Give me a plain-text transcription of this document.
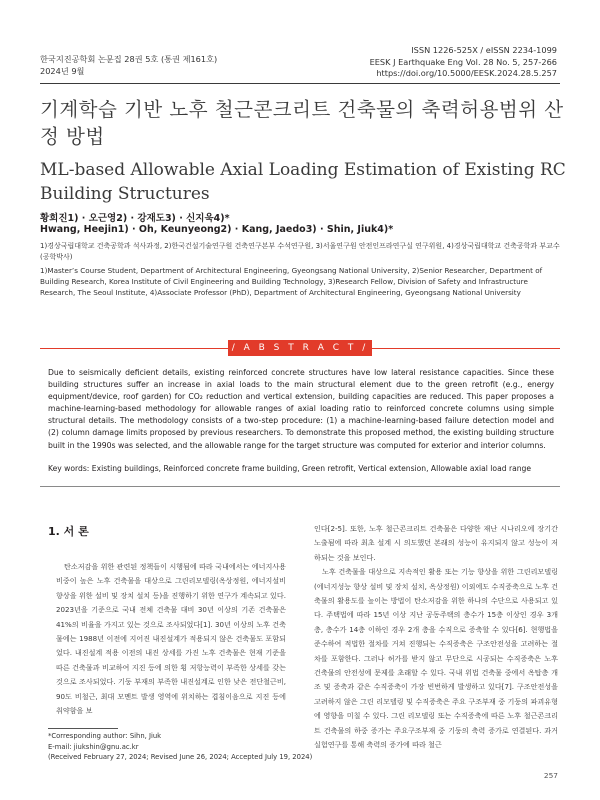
한국지진공학회 논문집 28권 5호 (통권 제161호)
2024년 9월
ISSN 1226-525X / eISSN 2234-1099
EESK J Earthquake Eng Vol. 28 No. 5, 257-266
https://doi.org/10.5000/EESK.2024.28.5.257
기계학습 기반 노후 철근콘크리트 건축물의 축력허용범위 산정 방법
ML-based Allowable Axial Loading Estimation of Existing RC Building Structures
황희진1) · 오근영2) · 강재도3) · 신지욱4)*
Hwang, Heejin1) · Oh, Keunyeong2) · Kang, Jaedo3) · Shin, Jiuk4)*
1)경상국립대학교 건축공학과 석사과정, 2)한국건설기술연구원 건축연구본부 수석연구원, 3)서울연구원 안전인프라연구실 연구위원, 4)경상국립대학교 건축공학과 부교수(공학박사)
1)Master’s Course Student, Department of Architectural Engineering, Gyeongsang National University, 2)Senior Researcher, Department of Building Research, Korea Institute of Civil Engineering and Building Technology, 3)Research Fellow, Division of Safety and Infrastructure Research, The Seoul Institute, 4)Associate Professor (PhD), Department of Architectural Engineering, Gyeongsang National University
/ A B S T R A C T /
Due to seismically deficient details, existing reinforced concrete structures have low lateral resistance capacities. Since these building structures suffer an increase in axial loads to the main structural element due to the green retrofit (e.g., energy equipment/device, roof garden) for CO₂ reduction and vertical extension, building capacities are reduced. This paper proposes a machine-learning-based methodology for allowable ranges of axial loading ratio to reinforced concrete columns using simple structural details. The methodology consists of a two-step procedure: (1) a machine-learning-based failure detection model and (2) column damage limits proposed by previous researchers. To demonstrate this proposed method, the existing building structure built in the 1990s was selected, and the allowable range for the target structure was computed for exterior and interior columns.
Key words: Existing buildings, Reinforced concrete frame building, Green retrofit, Vertical extension, Allowable axial load range
1. 서 론

탄소저감을 위한 관련된 정책들이 시행됨에 따라 국내에서는 에너지사용 비중이 높은 노후 건축물을 대상으로 그린리모델링(옥상정원, 에너지설비 향상을 위한 설비 및 장치 설치 등)을 진행하기 위한 연구가 계속되고 있다. 2023년을 기준으로 국내 전체 건축물 대비 30년 이상의 기존 건축물은 41%의 비율을 가지고 있는 것으로 조사되었다[1]. 30년 이상의 노후 건축물에는 1988년 이전에 지어진 내진설계가 적용되지 않은 건축물도 포함되었다. 내진설계 적용 이전의 내진 상세를 가진 노후 건축물은 현재 기준을 따른 건축물과 비교하여 지진 등에 의한 횡 저항능력이 부족한 상세를 갖는 것으로 조사되었다. 기둥 부재의 부족한 내진설계로 인한 낮은 전단철근비, 90도 비철근, 최대 모멘트 발생 영역에 위치하는 겹침이음으로 지진 등에 취약함을 보

인다[2-5]. 또한, 노후 철근콘크리트 건축물은 다양한 재난 시나리오에 장기간 노출됨에 따라 최초 설계 시 의도했던 본래의 성능이 유지되지 않고 성능이 저하되는 것을 보인다.

노후 건축물을 대상으로 지속적인 활용 또는 기능 향상을 위한 그린리모델링(에너지성능 향상 설비 및 장치 설치, 옥상정원) 이외에도 수직증축으로 노후 건축물의 활용도를 높이는 방법이 탄소저감을 위한 하나의 수단으로 사용되고 있다. 주택법에 따라 15년 이상 지난 공동주택의 층수가 15층 이상인 경우 3개 층, 층수가 14층 이하인 경우 2개 층을 수직으로 증축할 수 있다[6]. 현행법을 준수하여 적법한 절차를 거쳐 진행되는 수직증축은 구조안전성을 고려하는 절차를 포함한다. 그러나 허가를 받지 않고 무단으로 시공되는 수직증축은 노후 건축물의 안전성에 문제를 초래할 수 있다. 국내 위법 건축물 중에서 옥탑층 개조 및 증축과 같은 수직증축이 가장 빈번하게 발생하고 있다[7]. 구조안전성을 고려하지 않은 그린 리모델링 및 수직증축은 주요 구조부재 중 기둥의 파괴유형에 영향을 미칠 수 있다. 그린 리모델링 또는 수직증축에 따른 노후 철근콘크리트 건축물의 하중 증가는 주요구조부재 중 기둥의 축력 증가로 연결된다. 과거 실험연구를 통해 축력의 증가에 따라 철근

*Corresponding author: Sihn, Jiuk
E-mail: jiukshin@gnu.ac.kr
(Received February 27, 2024; Revised June 26, 2024; Accepted July 19, 2024)
257
